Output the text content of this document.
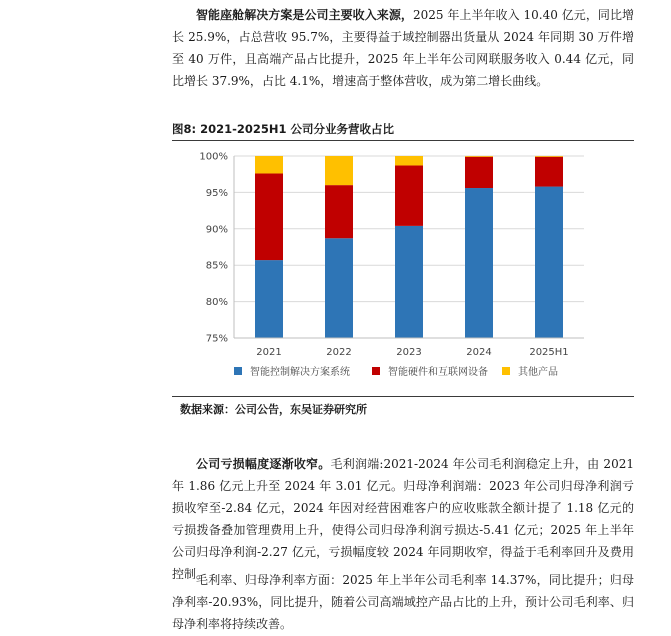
智能座舱解决方案是公司主要收入来源，2025 年上半年收入 10.40 亿元，同比增长 25.9%，占总营收 95.7%，主要得益于域控制器出货量从 2024 年同期 30 万件增至 40 万件，且高端产品占比提升，2025 年上半年公司网联服务收入 0.44 亿元，同比增长 37.9%，占比 4.1%，增速高于整体营收，成为第二增长曲线。

图8: 2021-2025H1 公司分业务营收占比
75%
80%
85%
90%
95%
100%
2021	2022	2023	2024	2025H1
智能控制解决方案系统	智能硬件和互联网设备	其他产品
数据来源：公司公告，东吴证券研究所

公司亏损幅度逐渐收窄。毛利润端:2021-2024 年公司毛利润稳定上升，由 2021 年 1.86 亿元上升至 2024 年 3.01 亿元。归母净利润端：2023 年公司归母净利润亏损收窄至-2.84 亿元，2024 年因对经营困难客户的应收账款全额计提了 1.18 亿元的亏损拨备叠加管理费用上升，使得公司归母净利润亏损达-5.41 亿元；2025 年上半年公司归母净利润-2.27 亿元，亏损幅度较 2024 年同期收窄，得益于毛利率回升及费用控制。

毛利率、归母净利率方面：2025 年上半年公司毛利率 14.37%，同比提升；归母净利率-20.93%，同比提升，随着公司高端域控产品占比的上升，预计公司毛利率、归母净利率将持续改善。
